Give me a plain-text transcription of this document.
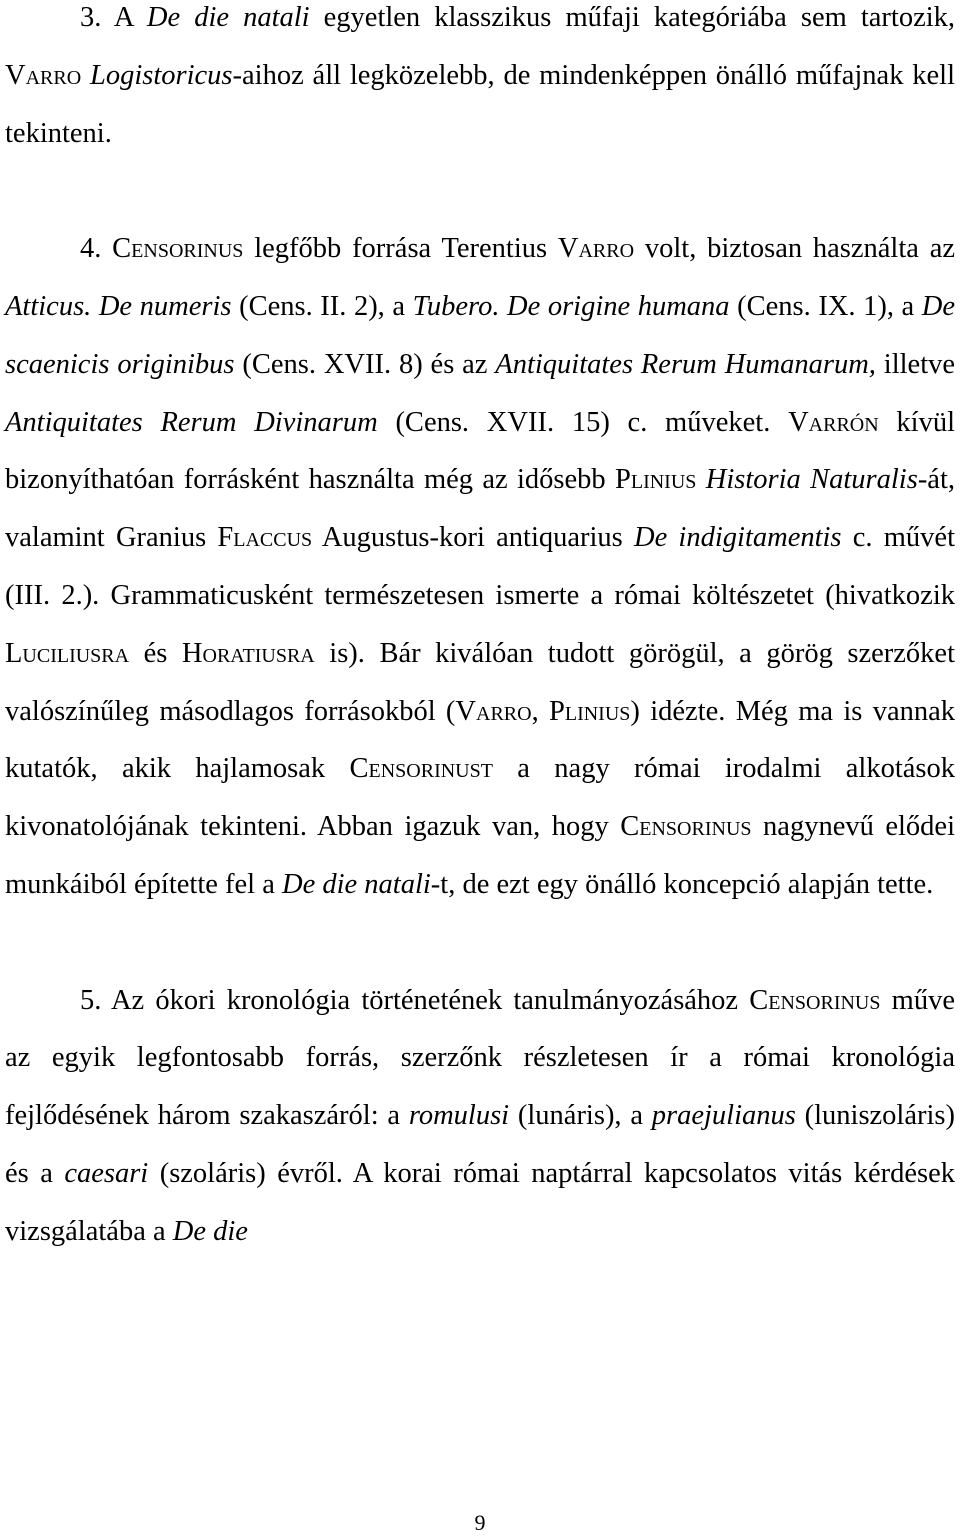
3. A De die natali egyetlen klasszikus műfaji kategóriába sem tartozik, Varro Logistoricus-aihoz áll legközelebb, de mindenképpen önálló műfajnak kell tekinteni.

4. Censorinus legfőbb forrása Terentius Varro volt, biztosan használta az Atticus. De numeris (Cens. II. 2), a Tubero. De origine humana (Cens. IX. 1), a De scaenicis originibus (Cens. XVII. 8) és az Antiquitates Rerum Humanarum, illetve Antiquitates Rerum Divinarum (Cens. XVII. 15) c. műveket. Varrón kívül bizonyíthatóan forrásként használta még az idősebb Plinius Historia Naturalis-át, valamint Granius Flaccus Augustus-kori antiquarius De indigitamentis c. művét (III. 2.). Grammaticusként természetesen ismerte a római költészetet (hivatkozik Luciliusra és Horatiusra is). Bár kiválóan tudott görögül, a görög szerzőket valószínűleg másodlagos forrásokból (Varro, Plinius) idézte. Még ma is vannak kutatók, akik hajlamosak Censorinust a nagy római irodalmi alkotások kivonatolójának tekinteni. Abban igazuk van, hogy Censorinus nagynevű elődei munkáiból építette fel a De die natali-t, de ezt egy önálló koncepció alapján tette.

5. Az ókori kronológia történetének tanulmányozásához Censorinus műve az egyik legfontosabb forrás, szerzőnk részletesen ír a római kronológia fejlődésének három szakaszáról: a romulusi (lunáris), a praejulianus (luniszoláris) és a caesari (szoláris) évről. A korai római naptárral kapcsolatos vitás kérdések vizsgálatába a De die

9
